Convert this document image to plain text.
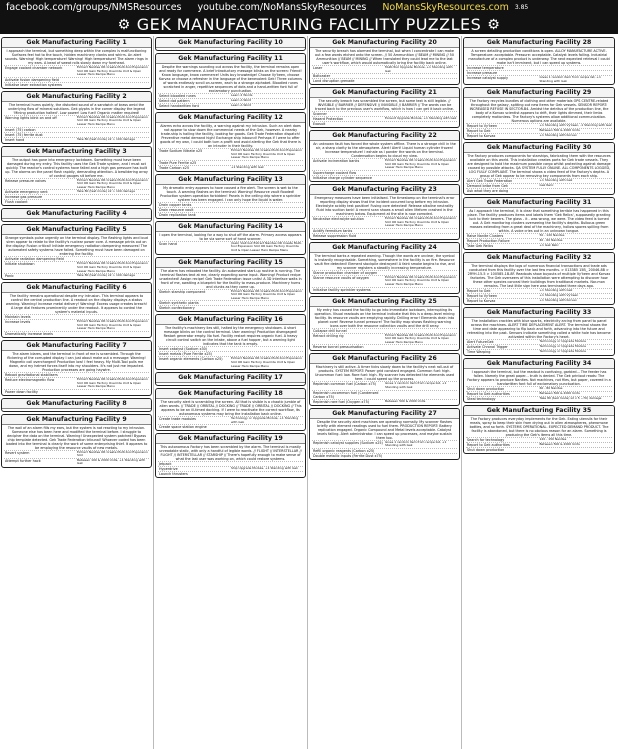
facebook.com/groups/NMSResources youtube.com/NoMansSkyResources NoMansSkyResources.com 3.85
⚙ GEK MANUFACTURING FACILITY PUZZLES ⚙
Gek Manufacturing Facility 1

I approach the terminal, but something deep within the complex is malfunctioning Surfaces feel hot to the touch, hidden machinery clanks and whirrs. An alert sounds. Warning! High temperature! Warning! High temperature! The alarm rings in my ears. A bead of sweat rolls slowly down my forehead.

Engage coolant chamber network	Extract Nanites OR Create Multi-tool Expansion Slot OR Gain Factory Override Unit & Open Lesser Hero Recipe Menu
Activate fusion dampening field
Initialise laser extraction systems
Gek Manufacturing Facility 2

The terminal hums quietly, the distorted sound of a sandwich of brass amid the underlying flow of mineral solutions. Gek glyphs in the corner display the legend 'Mining production halted'. Low power! Low fuel! Organic matter required!

Warning lights blink on and off	Extract Nanites OR Create Multi-tool Expansion Slot OR Gain Factory Override Unit & Open Lesser Hero Recipe Menu
Insert (75) carbon
Insert (75) ferrite dust
Insert hand	Take 80 (test mode) x2 > 100 damage
Gek Manufacturing Facility 3

The output has gone into emergency lockdown. Something must have been damaged during my entry. This facility uses the Gek Trade system, and I must act quickly. The reactor's control systems have failed and a high gas pressure has built up. The alarms on the panel flash rapidly, demanding attention. A bewildering array of control gauges sit before me.

Release pressure valves	Extract Nanites OR Create Multi-tool Expansion Slot OR Gain Factory Override Unit & Open Lesser Hero Recipe Menu
Activate emergency vent	Take 80 (test mode) x2 > 100 damage
Increase gas pressure
Flush coolant
Gek Manufacturing Facility 4
Gek Manufacturing Facility 5

Strange symbols pulse urgently on the terminal display. The flashing lights and loud siren appear to relate to the facility's nuclear power core. A message prints out on the display: Fusion critical! Initiate emergency radiation dampening measures! The automated safety systems have failed. Something must have been damaged on entering the facility.

Activate radiation dampening field
Initiate shutdown	Extract Nanites OR Create Multi-tool Expansion Slot OR Gain Factory Override Unit & Open Lesser Hero Recipe Menu
Panic	Take 80 (test mode) x2 > 100 damage
Gek Manufacturing Facility 6

The facility remains operational despite my intrusion. This terminal appears to control the central production line. A readout on the display displays a status warning. Warning! Increase metal delivery! Warning! Excess usage creates breach! A large dial features prominently under the readout. It appears to control the system's material inputs.

Maintain levels
Increase levels	Extract Nanites OR Create Multi-tool Expansion Slot OR Gain Factory Override Unit & Open Lesser Hero Recipe Menu
Dramatically increase levels
Gek Manufacturing Facility 7

The alarm blares, and the terminal in front of me is scrambled. Through the flickering of the corrupted display I can just about make out a message: Warning! Magnetic coil overcharged! Production low! I feel heavy. My Multi-Tool pulls me down, and my helmet forces itself into my shoulders. It's not just me impacted. Production processes are going haywire.

Reboot gravitational stabilisers
Reduce electromagnetic flow	Extract Nanites OR Create Multi-tool Expansion Slot OR Gain Factory Override Unit & Open Lesser Hero Recipe Menu
Power down facility
Gek Manufacturing Facility 8
Gek Manufacturing Facility 9

The wail of an alarm fills my ears, but the system is not reacting to my intrusion. Someone else has been here and modified the terminal before. I struggle to decipher the data on the terminal. Warning! Unexpected system patched! Bypass chip template detected. Gek Trade Federation tribunal! Whoever coded has been loaded into the terminal is clearly the work of some enterprising thief. It appears to be employing the resource vaults of new metals.

Revert system	Extract Nanites OR Create Multi-tool Expansion Slot
Attempt further hack	Between 100 & 2000 Units, +1 Standing with Gek
Gek Manufacturing Facility 10
Gek Manufacturing Facility 11

Despite the warnings sounding out across the facility, the terminal remains open and ready for commerce. A brief introductory message blinks on the screen: Friend! Know language, know commerce! Units buy knowledge! Choose Vy'keen, choose Korvax or choose a refresher in the language of the benevolent Gek! Three columns of words endlessly scroll on-screen, each to a strange alphabet. Bloodied runes scratched in anger, repetitive sequences of dots and a hand-written font full of exclamatory punctuation.

Select bloodied runes	Learn 2 Words
Select dot pattern	Learn A Word
Select handwritten font	Learn A Word
Gek Manufacturing Facility 12

Alarms echo across the facility, a warning against my intrusion. Such an alert does not appear to slow down the commercial needs of the Gek, however. A nearby trade-ship is hailing the facility, looking for goods. Gek Trade Federation dispatch! Preventive metal demand high! Exchange ship inbound! Perhaps if I were to offer goods of my own, I could both turn a profit and avoid alerting the Gek that there is an intruder in their facility.

Trade Sodium Nitrate x25	Extract Nanites OR Create Multi-tool Expansion Slot OR Gain Factory Override Unit & Open Lesser Hero Recipe Menu
Trade Pure Ferrite x25
Trade Carbon x25	+1 Standing with Gek
Gek Manufacturing Facility 13

My dramatic entry appears to have caused a fire alert. The screen is wet to the touch. A warning flashes on the terminal: Warning! Resource vault flooded! Production system operation forbidden! Panels in the ceiling drip where a sprinkler system has been engaged. I can only hope the liquid is water.

Drain copper tanks
Drain resource vault
Drain replication tank
Gek Manufacturing Facility 14

I open the terminal, looking for a way to shut off the alarm. Primary access appears to be via some sort of hand scanner.

Scan hand	(Gek) Visit but Extract Nanites OR Create Multi-tool Expansion Slot OR Gain Factory Override Unit & Open Lesser Hero Recipe Menu
Gek Manufacturing Facility 15

The alarm has rebooted the facility. An automated start-up routine is running. The terminal flashes text at me, clearly expecting some input. Warning! Product recipe unselected! Assign recipe! Gek Trade Federation issue units! A 3D interface waits in front of me, awaiting a blueprint for the facility to mass-produce. Machinery hums and clunks as they come up.

Sketch starship component	Extract Nanites OR Create Multi-tool Expansion Slot OR Gain Factory Override Unit & Open Lesser Hero Recipe Menu
Sketch synthetic plants
Sketch confectionery
Gek Manufacturing Facility 16

The facility's machinery lies still, halted by the emergency shutdown. A short message blinks on the control terminal. User warning! Production disengaged! Restart generator empty. No fuel. Facility restart requires organic fuel. A heavy circuit control switch on the intake, above a fuel hopper, but a warning light indicates that the tank is empty.

Insert catalyst (Sodium x30)
Insert metals (Pure Ferrite x25)
Insert organic elements (Carbon x25)	Extract Nanites OR Create Multi-tool Expansion Slot OR Gain Factory Override Unit & Open Lesser Hero Recipe Menu
Gek Manufacturing Facility 17
Gek Manufacturing Facility 18

The security alert is scrambling the screen. All that is visible is a chaotic jumble of alien words. // TRADE // ORBITAL // DOCKING // TRADE // ORBITAL // DOCKING // This appears to be an ill-timed docking. If I were to reactivate the correct workflow, its autonomous systems may bring the installation back online.

Create trade modules	Technology or Upgrade Module, +1 Standing with Gek
Create space station engine
Gek Manufacturing Facility 19

This autonomous Factory has been scrambled by the alarm. The terminal is mostly unreadable static, with only a handful of legible words. // FLIGHT // INTERSTELLAR // FLIGHT // INTERSTELLAR // STARSHIP // There's hopefully enough to make sense of what the last user was working on, which could restore systems.

Jetpack
Hyperdrive	Ship Upgrade Module, +1 Standing with Gek
Launch thrusters
Gek Manufacturing Facility 20

The security breach has alarmed the terminal, but when I concentrate I can make out a few words etched onto the screen. // 50 Ammunition // BEAM // MINING // 50 Ammunition // BEAM // MINING // When translated they could lead me to the last user's workflow, which would automatically bring the facility back online.

Laser	Multi-Tool Upgrade Module, +1 Standing with Gek
Boltcaster
Land disruption grenade
Gek Manufacturing Facility 21

The security breach has scrambled the screen, but some text is still legible. // INVISIBLE // BARRIER // DEFENSIVE // INVISIBLE // BARRIER // The words can be traced back to the previous user's workflow, which is how I can get it back online.

Scanner
Hazard Protection	Exosuit Upgrade Module, +1 Standing with Gek
Exosuit
Gek Manufacturing Facility 22

An unknown fault has forced the whole system offline. There is a strange chill in the air, a sharp clarity to the atmosphere. Alert! Alert! Liquid human cylinder frozen! Increase temperature! I exhale as I ponder the words on the terminal. Condensation begins to cloud my view.

Activate incineration banks	Extract Nanites OR Create Multi-tool Expansion Slot OR Gain Factory Override Unit & Open Lesser Hero Recipe Menu
Supercharge coolant flow
Initialise charge cylinder sequence
Gek Manufacturing Facility 23

Emergency measures have been initialised. The timestamp on the terminal's error reporting display shows that the incident occurred long before my intrusion. Electrolyte acidity test positive! Fusing core detected! Release alkaline neutrality fluid into suction tank! A recent scan shows a small alien lifeform crashed in the machinery below. Equipment at the site is now corroded.

Neutralise electrolyte solution	Extract Nanites OR Create Multi-tool Expansion Slot OR Gain Factory Override Unit & Open Lesser Hero Recipe Menu
Acidify fermdium tanks
Release suppression fluid
Gek Manufacturing Facility 24

The terminal barks a repeated warning. Though the words are unclear, the symbol is instantly recognisable. Something, somewhere in the facility is on fire. Resource vault fire detected! Element stockpile destroyed! A faint smoke begins to rise, and my scanner registers a steadily increasing temperature.

Starve production chamber of oxygen
Starve resource vaults of oxygen	Extract Nanites OR Create Multi-tool Expansion Slot OR Gain Factory Override Unit & Open Lesser Hero Recipe Menu
Initialise facility sprinkler systems
Gek Manufacturing Facility 25

My entry has caused the facility to go into immediate lockdown, interrupting its operation. Visual readouts on the terminal indicate that this is a deep-level mining facility. Its resource vaults are emptying rapidly. Drilling error! Elements drain into planet core! Reverse tunnel pressure! The facility map shows flashing warning icons over both the resource collection vaults and the drill array.

Collapse drill tunnel
Retract drilling rig	Extract Nanites OR Create Multi-tool Expansion Slot OR Gain Factory Override Unit & Open Lesser Hero Recipe Menu
Reverse tunnel pressurisation
Gek Manufacturing Facility 26

Machinery is still active. A timer ticks slowly down to the facility's next roll-out of products. SYSTEM REPORT: Power grid constant engaged. Common fuel: high. Uncommon fuel: low. Rare fuel: high. My scanner has detected the elements used here. I could speed up the process.

Replenish common fuel (Carbon x75)	Gives 1 random item from recipe list, +1 Standing with Gek
Replenish uncommon fuel (Condensed Carbon x75)
Replenish rare fuel (Oxygen x75)	Between 500 & 2000 Units
Gek Manufacturing Facility 27

Despite the security alert machines are operating normally. My scanner flashes briefly with element readings used to fuel them. PRODUCTION REPORT: Battery replication engaged. Organic Compound and Metal levels acceptable. Catalyst levels failing. Alert administrator. I can speed up processes, and maybe sustain them too.

Replenish catalyst supplies (Sodium x25) Gives 1 random item from recipe list, +1 Standing with Gek
Refill organic reagents (Carbon x25)
Double metallic inputs (Ferrite Dust x75)
Gek Manufacturing Facility 28

A screen detailing production conditions is open. ALLOY MANUFACTURE ACTIVE. Temperature: acceptable. Pressure: acceptable. Catalyst levels falling. Industrial manufacture of a complex product is underway. The next expected retrieval I could make isn't imminent, but I can speed up systems.

Increase temperature
Increase pressure
Increase catalyst supply	Gives 1 random item from recipe list, +1 Standing with Gek
Gek Manufacturing Facility 29

The Factory recycles bundles of clothing and other materials OPS CENTRE-related throughout the galaxy, spitting out new items for Gek vessels. SENSOR REPORT: INCREASED REFUSE IN SECTOR-B4. Amidst the detritus of the production line, the body of a Korvax scientist appears to drift, their lights dimmed, their limbs completely motionless. The Factory's systems allow additional communication. Numerous options are available.

Report to Vy'keen	+1 Standing with Vy'keen, -1 Standing with Gek
Report to Gek	Between 500 & 2000 Units
Report to Korvax	+1 Standing with Korvax
Gek Manufacturing Facility 30

The Factory produces components for starships, fabricating them with the resources available on this world. This installation creates parts for Gek trade vessels. They are designed to hold the maximum possible cargo whilst protecting against damage caused by possible attacks. QA SYSTEM FULLY ONLINE. ALL COMPONENTS LOGGED, LOG FULLY COMPLIANT. The terminal shows a video feed of the Factory's depths. A group of Gek appear to be removing key components from each ship.

Alert Gek Trade Federation	+1 Standing with Gek
Demand bribe from Gek	Gek Relic
Ask what they are doing
Gek Manufacturing Facility 31

As I approach the terminal, it is clear that something terrible has happened in this place. The facility produces items and labels them 'Gek Relics', supposedly granting luck to their bearers. The glass - it - was wrong, we were. The video feed is turned out. A Gek monitoring clusters overseeing the facility's depths. Bulbous green masses extending from a great deal of the machinery, hollow spores spilling from within. A voice cries out in an unknown tongue.

Raise Nanite Clusters	50 - 120 Nanites
Report Production Failure	40 - 60 Nanites
Take Gek Relics	+1 Gek Relic
Gek Manufacturing Facility 32

The terminal displays the logs of numerous financial transactions and trade ads conducted from this facility over the last few months. > 013385 15B_ 20046-8B > 2RYH-15-5 > 100585-1B-8F. Readouts show buyouts of multiple Vy'keen and Korvax factories. The Gek overseers of this installation were attempting to discover how these other species conceal their buildings from traditional markets. Nor-mon remains. The last little sign here was terminated three days ago.

Report to Gek	+1 Standing with Gek
Report to Vy'keen	+1 Standing with Vy'keen
Report to Korvax	+1 Standing with Korvax
Gek Manufacturing Facility 33

The installation crackles with blue sparks, electricity arcing from panel to panel across the machines. ALERT TIME DEPLACEMENT ALERT. The terminal shows the time and date appearing to flip back and forth, advancing into the future and retreating into the past. Sensors indicate something called a white hole has become activated within the Factory's heart.

Alert FutureGek	Technology or Upgrade Module
Activate Chronal Trigger	Technology or Upgrade Module
Time Warping	Technology or Upgrade Module
Gek Manufacturing Facility 34

I approach the terminal, but the readout is confusing, garbled... The feeder has fallen. Namely the great paper... truth is denied. The Gek printout reads: The Factory appears to produce Nanites. Not machines, not files, but paper, covered in a handwritten font full of exclamatory punctuation.

Shut down production	60 - 80 Nanites
Report to Gek authorities	Between 500 & 2000 Units
Steal technology	Take 80 (test mode) x2 x 5 ~70) damage
Gek Manufacturing Facility 35

The Factory produces everyday implements for the Gek. Eating utensils for their meals, spray to keep their skin from drying out in alien atmospheres, pheromone bottles, and so forth. SYSTEMS OPERATIONAL. EXPECTED DEMAND PRODUCT. The facility is abandoned, but there is no obvious reason for an alarm. Something is producing the Gek's items all this time.

Search for technology	120 - 150 Nanites
Report to Gek authorities	Between 500 & 2000 Units
Shut down production
